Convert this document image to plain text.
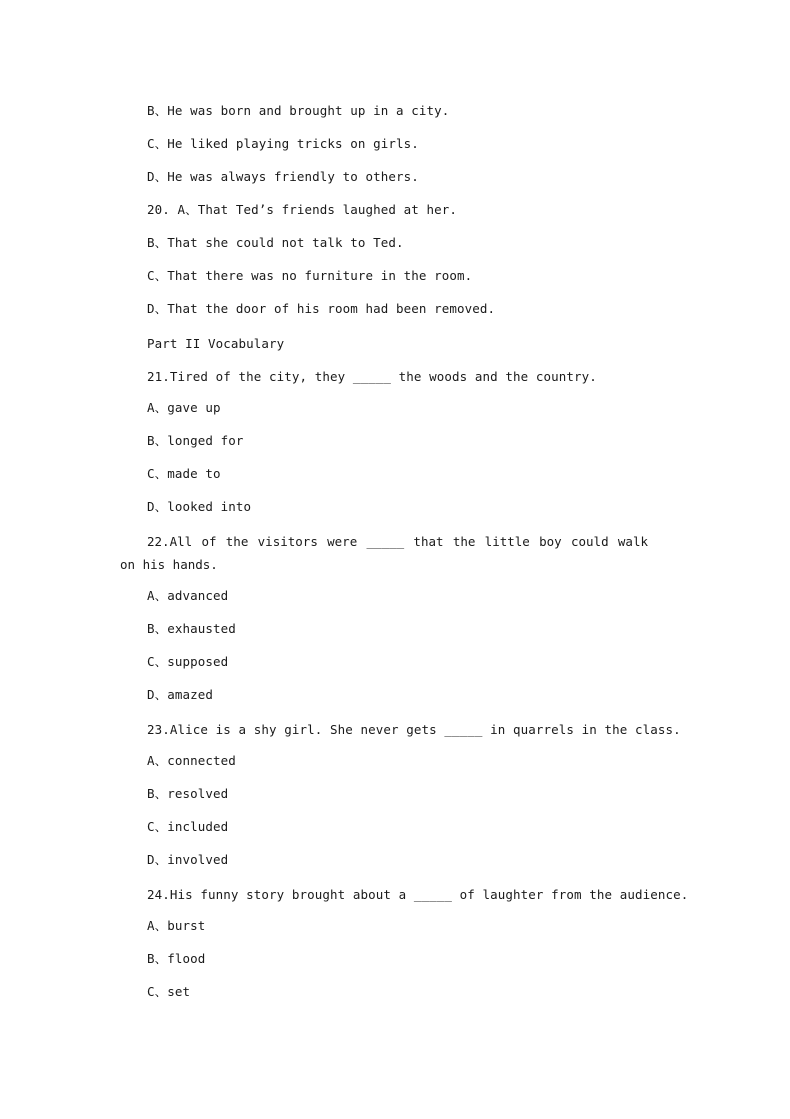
B、He was born and brought up in a city.
C、He liked playing tricks on girls.
D、He was always friendly to others.
20. A、That Ted’s friends laughed at her.
B、That she could not talk to Ted.
C、That there was no furniture in the room.
D、That the door of his room had been removed.
Part II Vocabulary
21.Tired of the city, they _____ the woods and the country.
A、gave up
B、longed for
C、made to
D、looked into
22.All of the visitors were _____ that the little boy could walk on his hands.
A、advanced
B、exhausted
C、supposed
D、amazed
23.Alice is a shy girl. She never gets _____ in quarrels in the class.
A、connected
B、resolved
C、included
D、involved
24.His funny story brought about a _____ of laughter from the audience.
A、burst
B、flood
C、set
